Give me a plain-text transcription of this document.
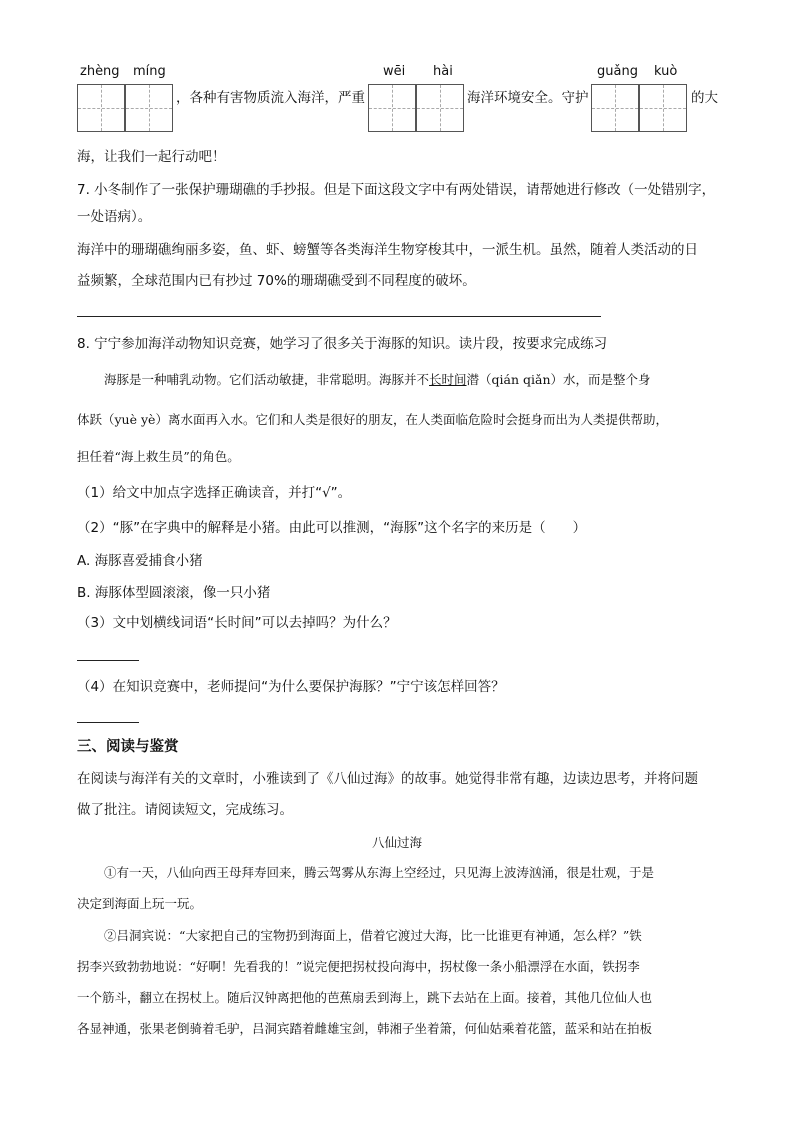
zhèng míng
，各种有害物质流入海洋，严重
wēi hài
海洋环境安全。守护
guǎng kuò
的大
海，让我们一起行动吧！
7. 小冬制作了一张保护珊瑚礁的手抄报。但是下面这段文字中有两处错误，请帮她进行修改（一处错别字，
一处语病）。
海洋中的珊瑚礁绚丽多姿，鱼、虾、螃蟹等各类海洋生物穿梭其中，一派生机。虽然，随着人类活动的日
益频繁，全球范围内已有抄过 70%的珊瑚礁受到不同程度的破坏。
8. 宁宁参加海洋动物知识竞赛，她学习了很多关于海豚的知识。读片段，按要求完成练习
海豚是一种哺乳动物。它们活动敏捷，非常聪明。海豚并不长时间潜（qián qiǎn）水，而是整个身
体跃（yuè yè）离水面再入水。它们和人类是很好的朋友，在人类面临危险时会挺身而出为人类提供帮助，
担任着“海上救生员”的角色。
（1）给文中加点字选择正确读音，并打“√”。
（2）“豚”在字典中的解释是小猪。由此可以推测，“海豚”这个名字的来历是（　　）
A. 海豚喜爱捕食小猪
B. 海豚体型圆滚滚，像一只小猪
（3）文中划横线词语“长时间”可以去掉吗？为什么？
（4）在知识竞赛中，老师提问“为什么要保护海豚？”宁宁该怎样回答？
三、阅读与鉴赏
在阅读与海洋有关的文章时，小雅读到了《八仙过海》的故事。她觉得非常有趣，边读边思考，并将问题
做了批注。请阅读短文，完成练习。
八仙过海
①有一天，八仙向西王母拜寿回来，腾云驾雾从东海上空经过，只见海上波涛汹涌，很是壮观，于是
决定到海面上玩一玩。
②吕洞宾说：“大家把自己的宝物扔到海面上，借着它渡过大海，比一比谁更有神通，怎么样？”铁
拐李兴致勃勃地说：“好啊！先看我的！”说完便把拐杖投向海中，拐杖像一条小船漂浮在水面，铁拐李
一个筋斗，翻立在拐杖上。随后汉钟离把他的芭蕉扇丢到海上，跳下去站在上面。接着，其他几位仙人也
各显神通，张果老倒骑着毛驴，吕洞宾踏着雌雄宝剑，韩湘子坐着箫，何仙姑乘着花篮，蓝采和站在拍板
